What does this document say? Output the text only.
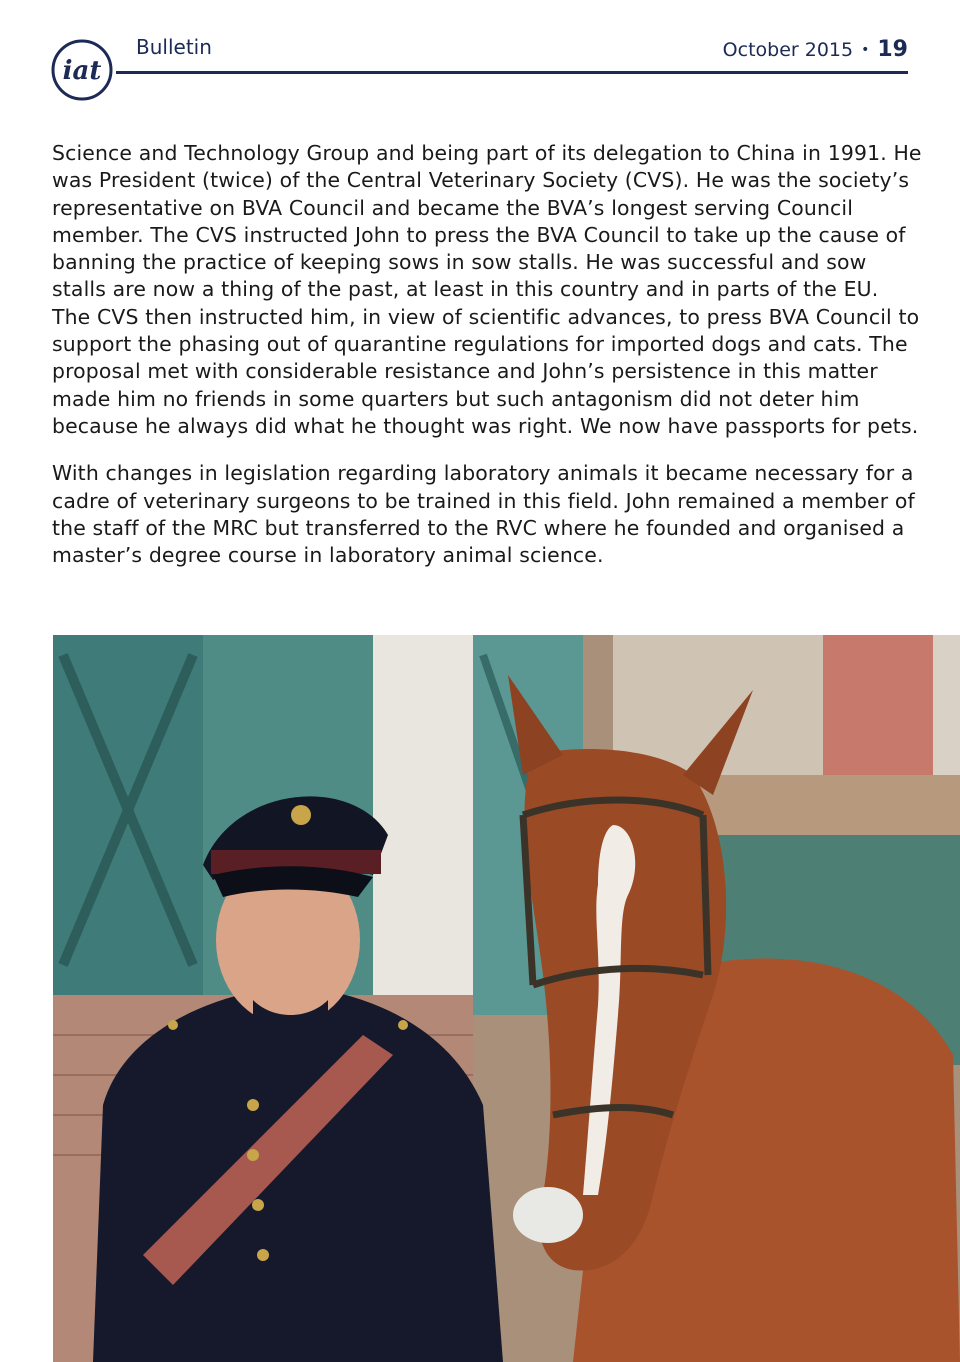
iat
Bulletin	October 2015 • 19

Science and Technology Group and being part of its delegation to China in 1991. He was President (twice) of the Central Veterinary Society (CVS). He was the society’s representative on BVA Council and became the BVA’s longest serving Council member. The CVS instructed John to press the BVA Council to take up the cause of banning the practice of keeping sows in sow stalls. He was successful and sow stalls are now a thing of the past, at least in this country and in parts of the EU. The CVS then instructed him, in view of scientific advances, to press BVA Council to support the phasing out of quarantine regulations for imported dogs and cats. The proposal met with considerable resistance and John’s persistence in this matter made him no friends in some quarters but such antagonism did not deter him because he always did what he thought was right. We now have passports for pets.

With changes in legislation regarding laboratory animals it became necessary for a cadre of veterinary surgeons to be trained in this field. John remained a member of the staff of the MRC but transferred to the RVC where he founded and organised a master’s degree course in laboratory animal science.
